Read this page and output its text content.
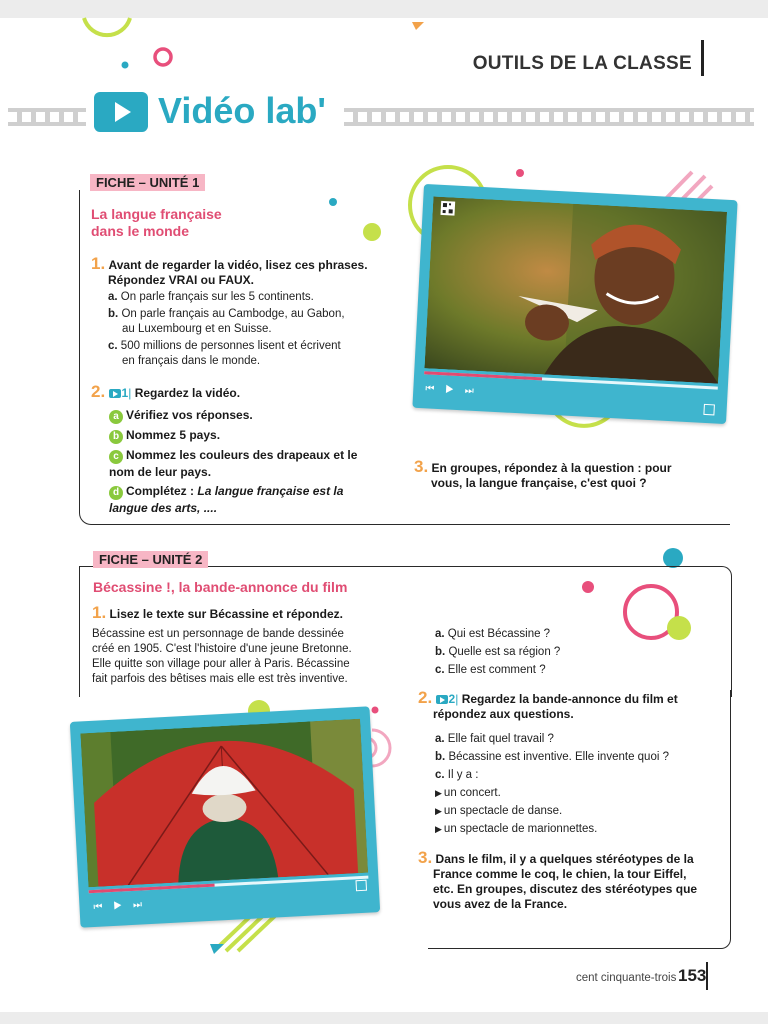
OUTILS DE LA CLASSE
Vidéo lab'
FICHE – UNITÉ 1
La langue française
dans le monde
1. Avant de regarder la vidéo, lisez ces phrases.
Répondez VRAI ou FAUX.
a. On parle français sur les 5 continents.
b. On parle français au Cambodge, au Gabon,
au Luxembourg et en Suisse.
c. 500 millions de personnes lisent et écrivent
en français dans le monde.
2. 1| Regardez la vidéo.
a Vérifiez vos réponses.
b Nommez 5 pays.
c Nommez les couleurs des drapeaux et le
nom de leur pays.
d Complétez : La langue française est la
langue des arts, ....
3. En groupes, répondez à la question : pour
vous, la langue française, c'est quoi ?
⏮ ▶ ⏭
FICHE – UNITÉ 2
Bécassine !, la bande-annonce du film
1. Lisez le texte sur Bécassine et répondez.
Bécassine est un personnage de bande dessinée
créé en 1905. C'est l'histoire d'une jeune Bretonne.
Elle quitte son village pour aller à Paris. Bécassine
fait parfois des bêtises mais elle est très inventive.
a. Qui est Bécassine ?
b. Quelle est sa région ?
c. Elle est comment ?
2. 2| Regardez la bande-annonce du film et
répondez aux questions.
a. Elle fait quel travail ?
b. Bécassine est inventive. Elle invente quoi ?
c. Il y a :
▶ un concert.
▶ un spectacle de danse.
▶ un spectacle de marionnettes.
3. Dans le film, il y a quelques stéréotypes de la
France comme le coq, le chien, la tour Eiffel,
etc. En groupes, discutez des stéréotypes que
vous avez de la France.
⏮ ▶ ⏭
cent cinquante-trois 153
